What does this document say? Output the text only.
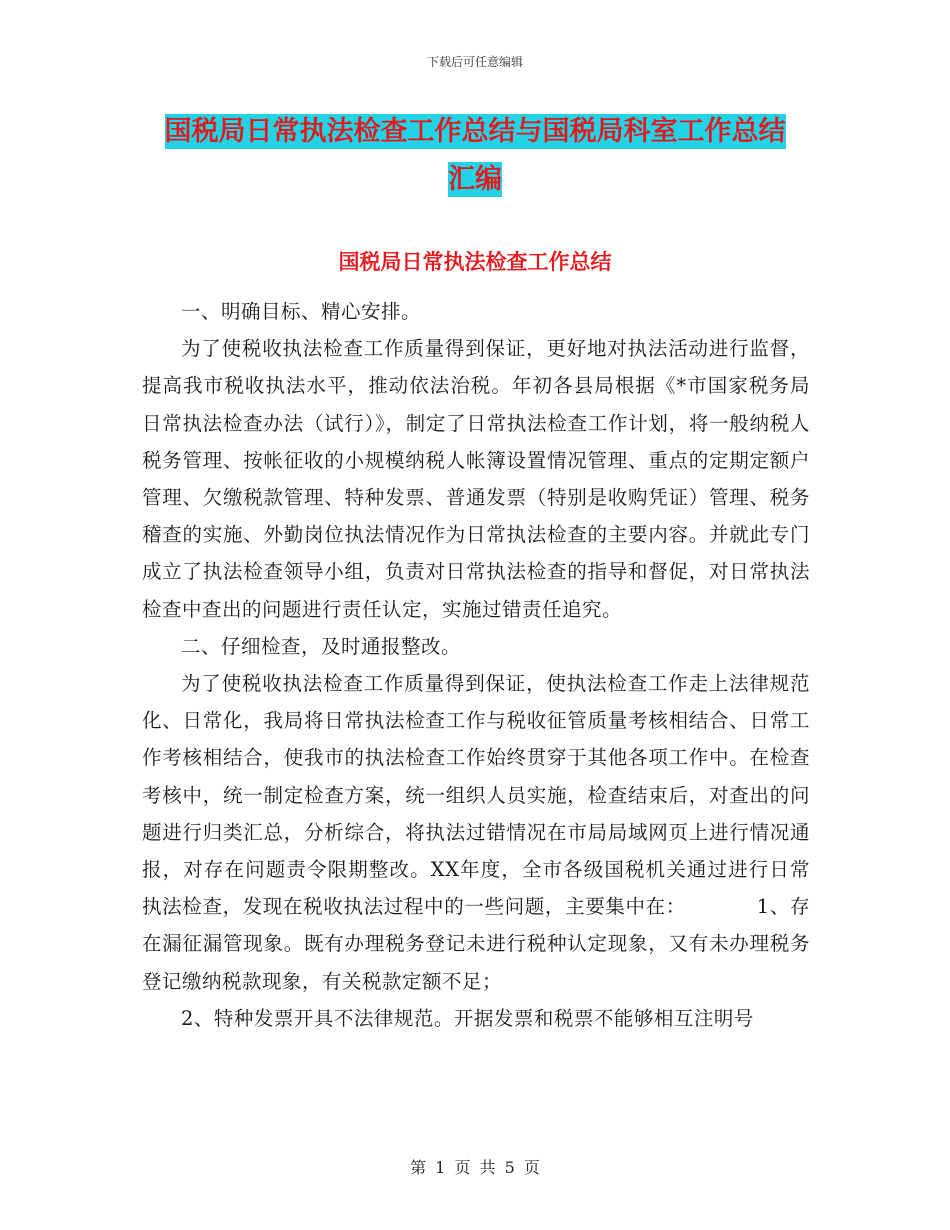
下载后可任意编辑
国税局日常执法检查工作总结与国税局科室工作总结
汇编
国税局日常执法检查工作总结

一、明确目标、精心安排。

为了使税收执法检查工作质量得到保证，更好地对执法活动进行监督，提高我市税收执法水平，推动依法治税。年初各县局根据《*市国家税务局日常执法检查办法（试行）》，制定了日常执法检查工作计划，将一般纳税人税务管理、按帐征收的小规模纳税人帐簿设置情况管理、重点的定期定额户管理、欠缴税款管理、特种发票、普通发票（特别是收购凭证）管理、税务稽查的实施、外勤岗位执法情况作为日常执法检查的主要内容。并就此专门成立了执法检查领导小组，负责对日常执法检查的指导和督促，对日常执法检查中查出的问题进行责任认定，实施过错责任追究。

二、仔细检查，及时通报整改。

为了使税收执法检查工作质量得到保证，使执法检查工作走上法律规范化、日常化，我局将日常执法检查工作与税收征管质量考核相结合、日常工作考核相结合，使我市的执法检查工作始终贯穿于其他各项工作中。在检查考核中，统一制定检查方案，统一组织人员实施，检查结束后，对查出的问题进行归类汇总，分析综合，将执法过错情况在市局局域网页上进行情况通报，对存在问题责令限期整改。XX年度，全市各级国税机关通过进行日常执法检查，发现在税收执法过程中的一些问题，主要集中在：　　　　1、存在漏征漏管现象。既有办理税务登记未进行税种认定现象，又有未办理税务登记缴纳税款现象，有关税款定额不足；

2、特种发票开具不法律规范。开据发票和税票不能够相互注明号

第 1 页 共 5 页
